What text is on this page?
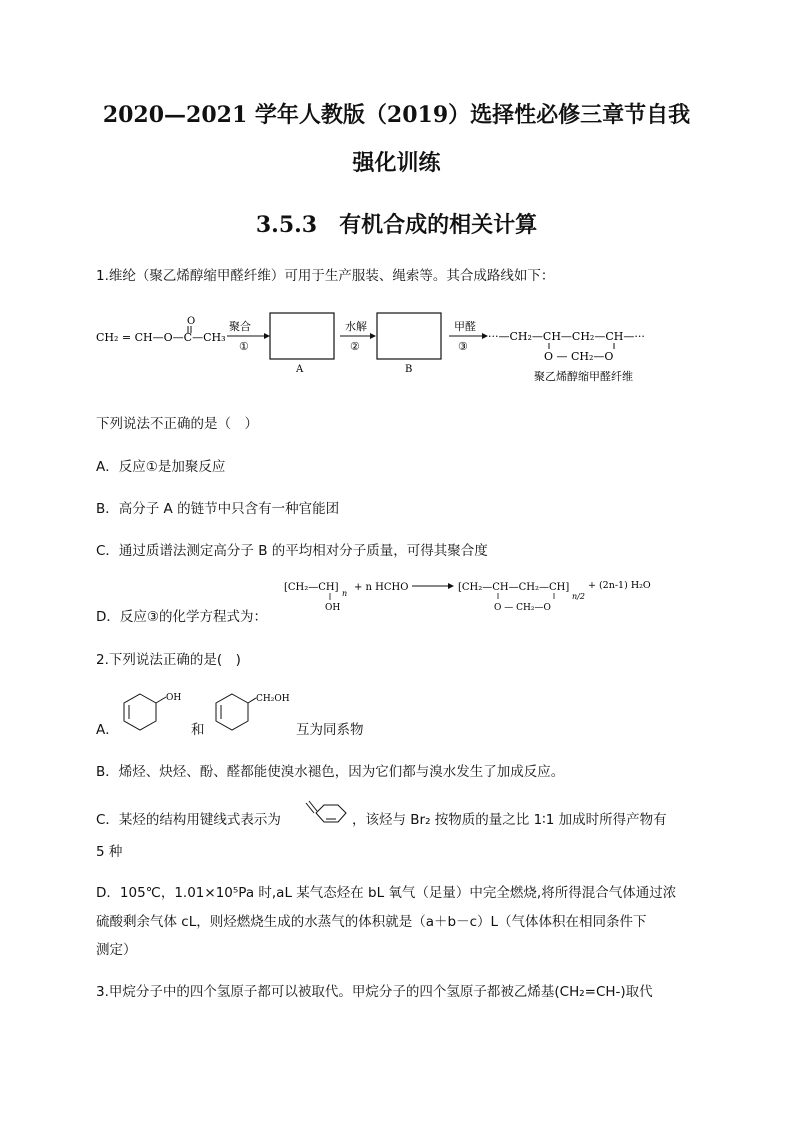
2020—2021 学年人教版（2019）选择性必修三章节自我
强化训练
3.5.3　有机合成的相关计算
1.维纶（聚乙烯醇缩甲醛纤维）可用于生产服装、绳索等。其合成路线如下：
O
CH₂ = CH—O—C—CH₃
聚合
①
A
水解
②
B
甲醛
③
···—CH₂—CH—CH₂—CH—···
O — CH₂—O
聚乙烯醇缩甲醛纤维
下列说法不正确的是（　）
A．反应①是加聚反应
B．高分子 A 的链节中只含有一种官能团
C．通过质谱法测定高分子 B 的平均相对分子质量，可得其聚合度
[CH₂—CH]
n
OH
+ n HCHO	[CH₂—CH—CH₂—CH]
O — CH₂—O
n/2
+ (2n-1) H₂O
D．反应③的化学方程式为：
2.下列说法正确的是(　)
A．
OH
和
CH₂OH
互为同系物
B．烯烃、炔烃、酚、醛都能使溴水褪色，因为它们都与溴水发生了加成反应。
C．某烃的结构用键线式表示为	，该烃与 Br₂ 按物质的量之比 1∶1 加成时所得产物有
5 种
D．105℃，1.01×10⁵Pa 时,aL 某气态烃在 bL 氧气（足量）中完全燃烧,将所得混合气体通过浓
硫酸剩余气体 cL，则烃燃烧生成的水蒸气的体积就是（a＋b－c）L（气体体积在相同条件下
测定）
3.甲烷分子中的四个氢原子都可以被取代。甲烷分子的四个氢原子都被乙烯基(CH₂=CH-)取代
